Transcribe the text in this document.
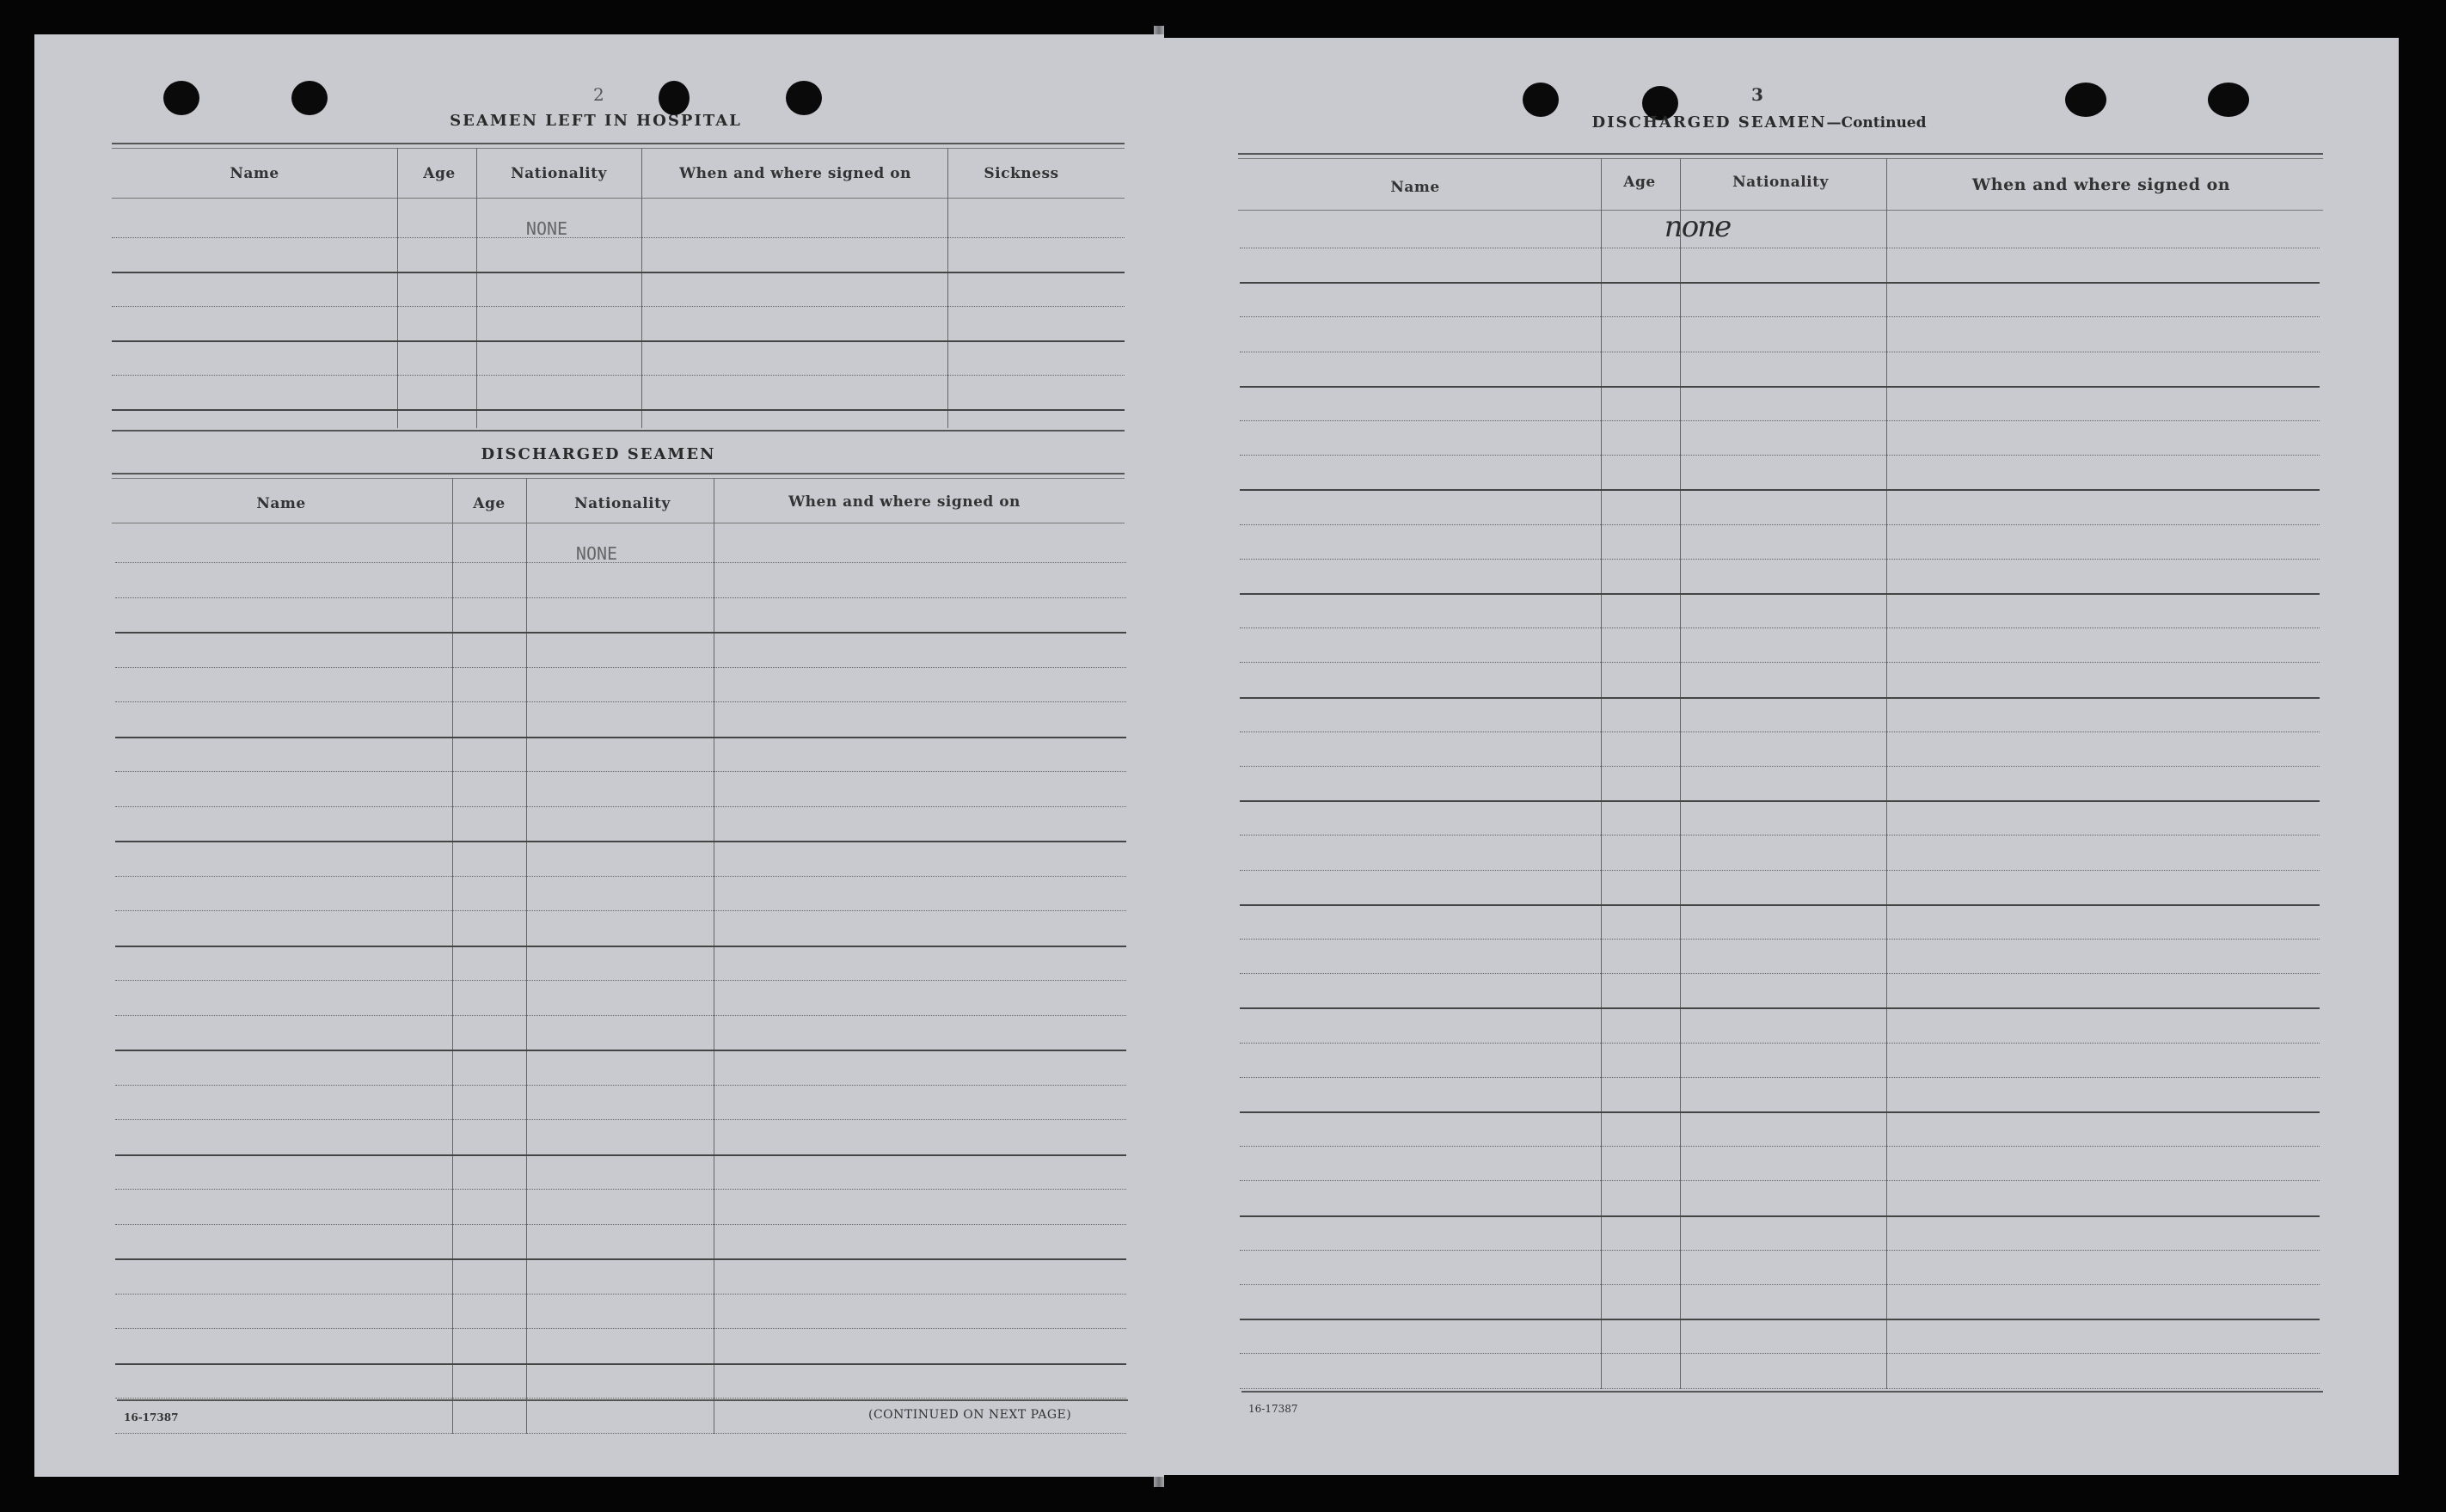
2
SEAMEN LEFT IN HOSPITAL
Name	Age	Nationality	When and where signed on	Sickness
NONE
DISCHARGED SEAMEN
Name	Age	Nationality	When and where signed on
NONE
16-17387	(CONTINUED ON NEXT PAGE)
3
DISCHARGED SEAMEN—Continued
Name	Age	Nationality	When and where signed on
none
16-17387
